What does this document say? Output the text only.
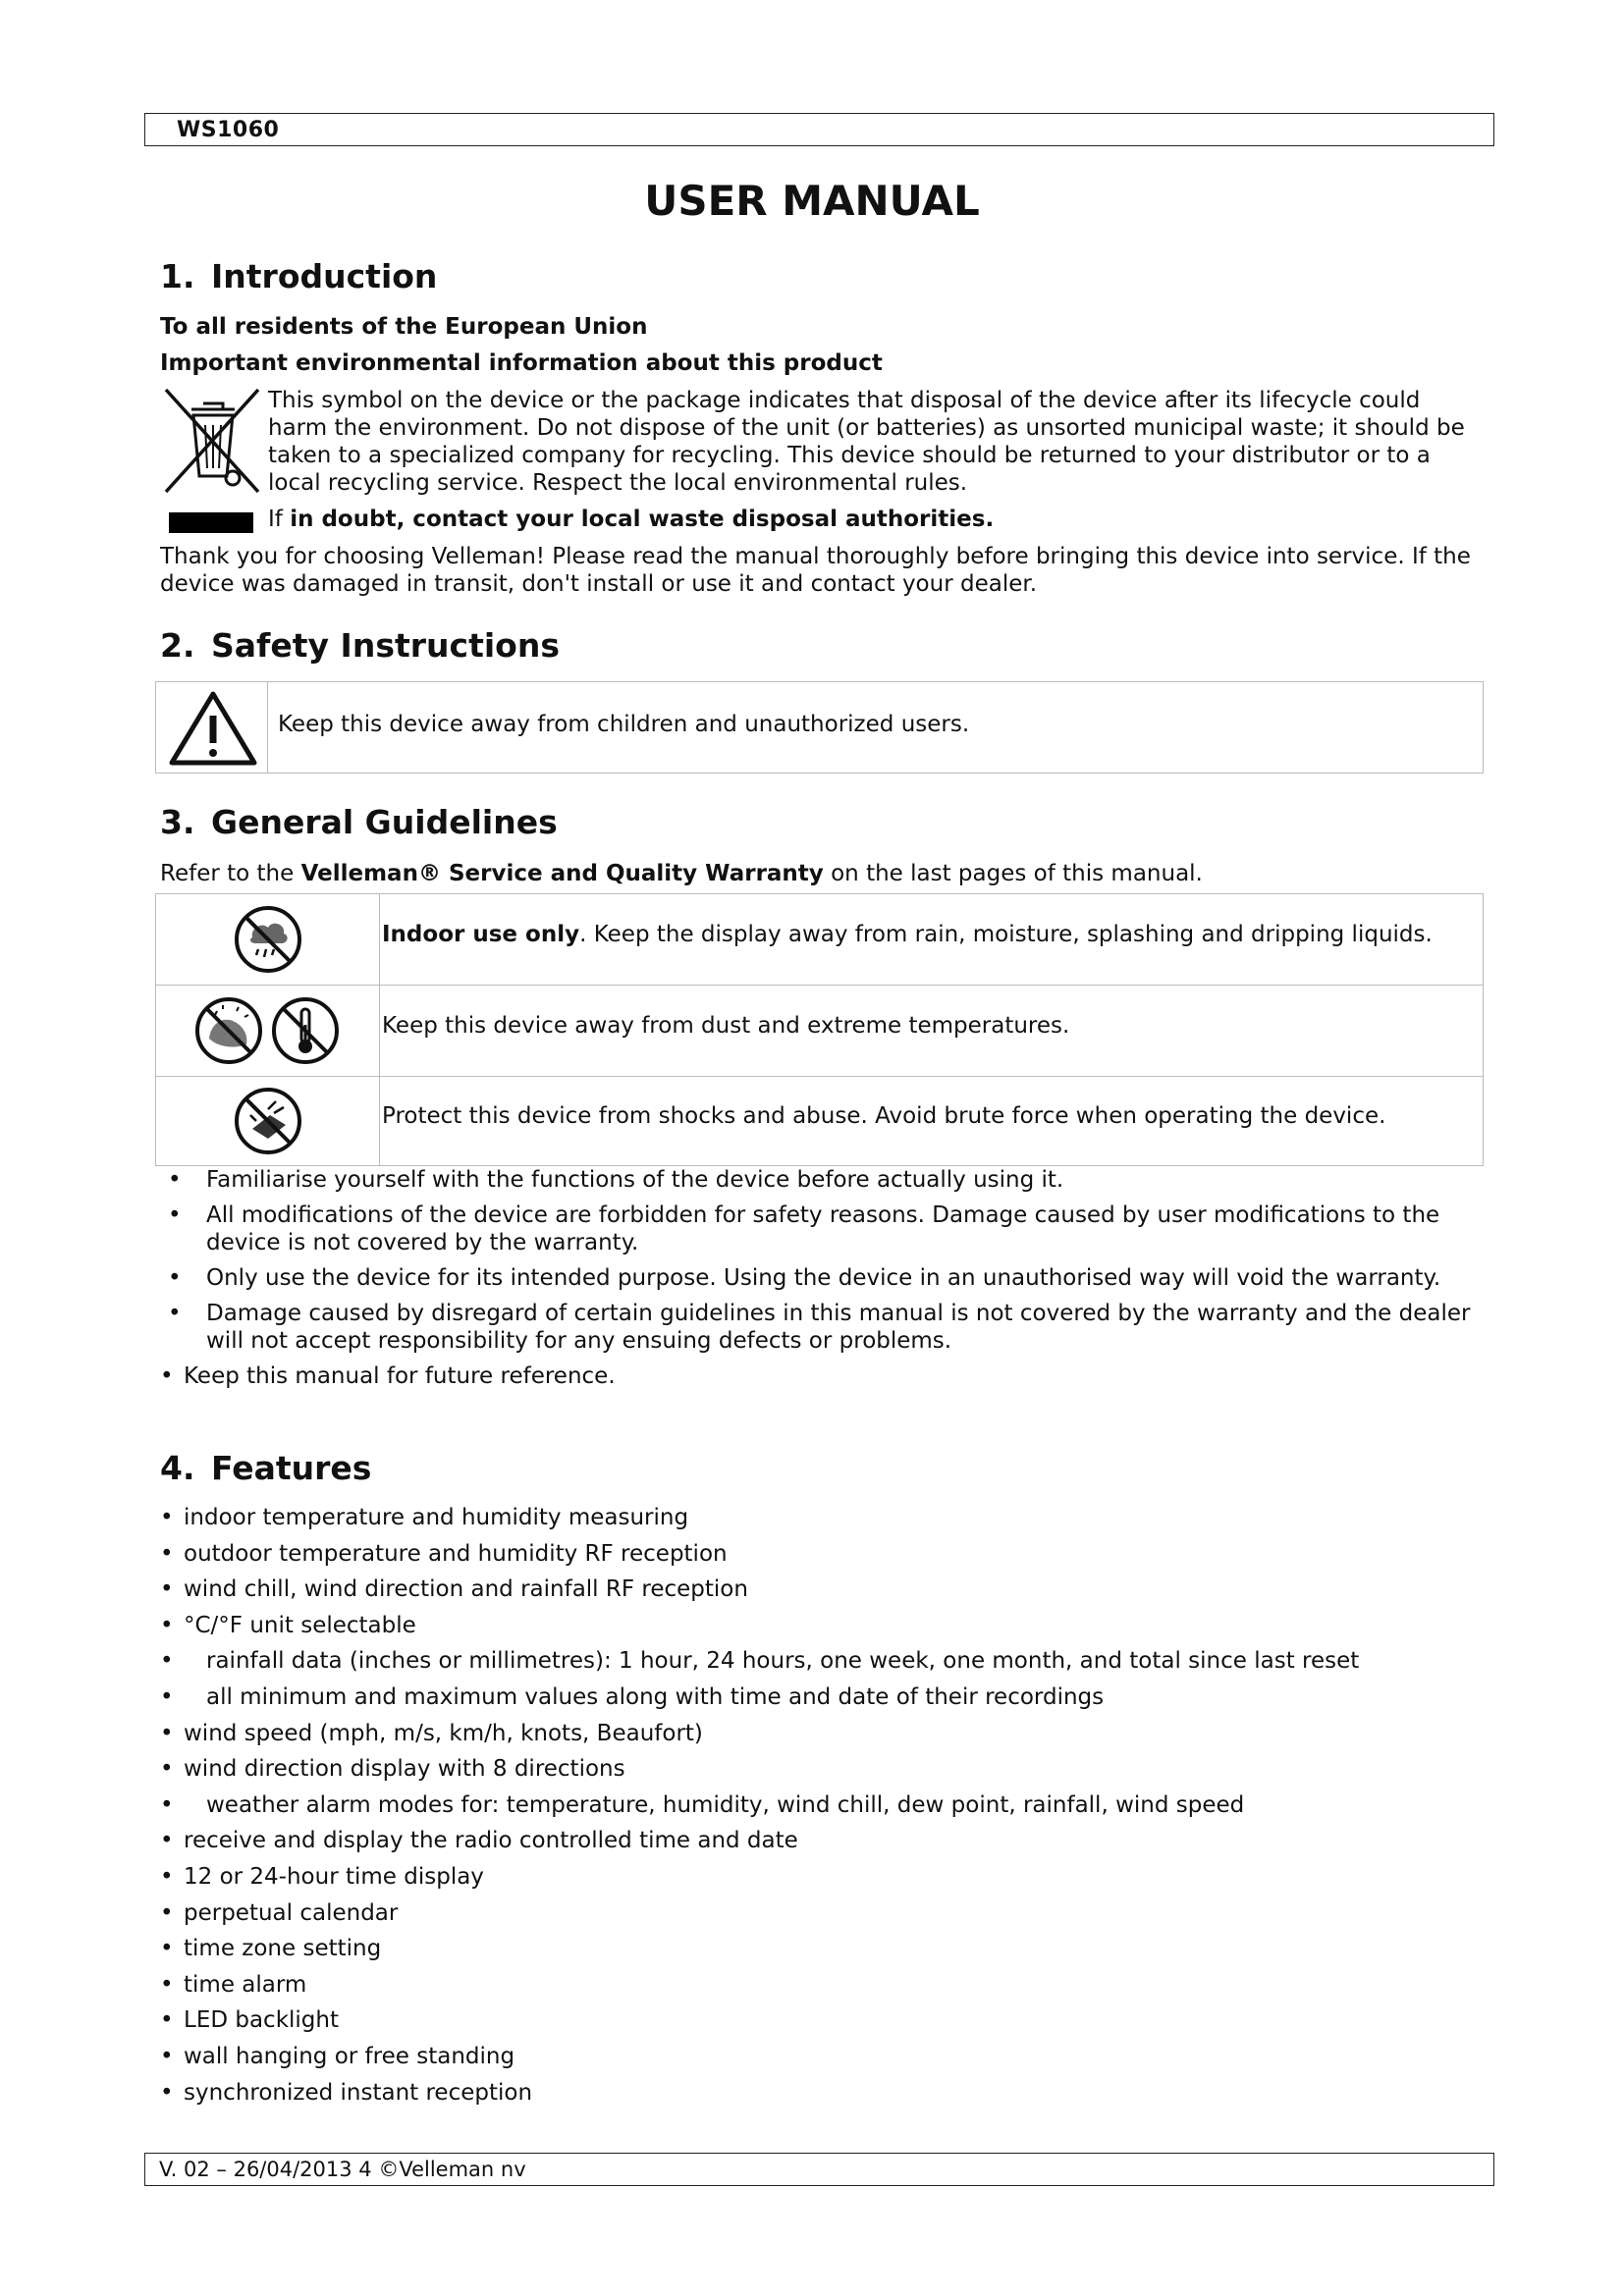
WS1060
USER MANUAL
1. Introduction
To all residents of the European Union
Important environmental information about this product
This symbol on the device or the package indicates that disposal of the device after its lifecycle could harm the environment. Do not dispose of the unit (or batteries) as unsorted municipal waste; it should be taken to a specialized company for recycling. This device should be returned to your distributor or to a local recycling service. Respect the local environmental rules.
If in doubt, contact your local waste disposal authorities.
Thank you for choosing Velleman! Please read the manual thoroughly before bringing this device into service. If the device was damaged in transit, don't install or use it and contact your dealer.
2. Safety Instructions
Keep this device away from children and unauthorized users.
3. General Guidelines
Refer to the Velleman® Service and Quality Warranty on the last pages of this manual.
Indoor use only. Keep the display away from rain, moisture, splashing and dripping liquids.
Keep this device away from dust and extreme temperatures.
Protect this device from shocks and abuse. Avoid brute force when operating the device.
• Familiarise yourself with the functions of the device before actually using it.
• All modifications of the device are forbidden for safety reasons. Damage caused by user modifications to the device is not covered by the warranty.
• Only use the device for its intended purpose. Using the device in an unauthorised way will void the warranty.
• Damage caused by disregard of certain guidelines in this manual is not covered by the warranty and the dealer will not accept responsibility for any ensuing defects or problems.
• Keep this manual for future reference.
4. Features
• indoor temperature and humidity measuring
• outdoor temperature and humidity RF reception
• wind chill, wind direction and rainfall RF reception
• °C/°F unit selectable
• rainfall data (inches or millimetres): 1 hour, 24 hours, one week, one month, and total since last reset
• all minimum and maximum values along with time and date of their recordings
• wind speed (mph, m/s, km/h, knots, Beaufort)
• wind direction display with 8 directions
• weather alarm modes for: temperature, humidity, wind chill, dew point, rainfall, wind speed
• receive and display the radio controlled time and date
• 12 or 24-hour time display
• perpetual calendar
• time zone setting
• time alarm
• LED backlight
• wall hanging or free standing
• synchronized instant reception
V. 02 – 26/04/2013 4 ©Velleman nv
